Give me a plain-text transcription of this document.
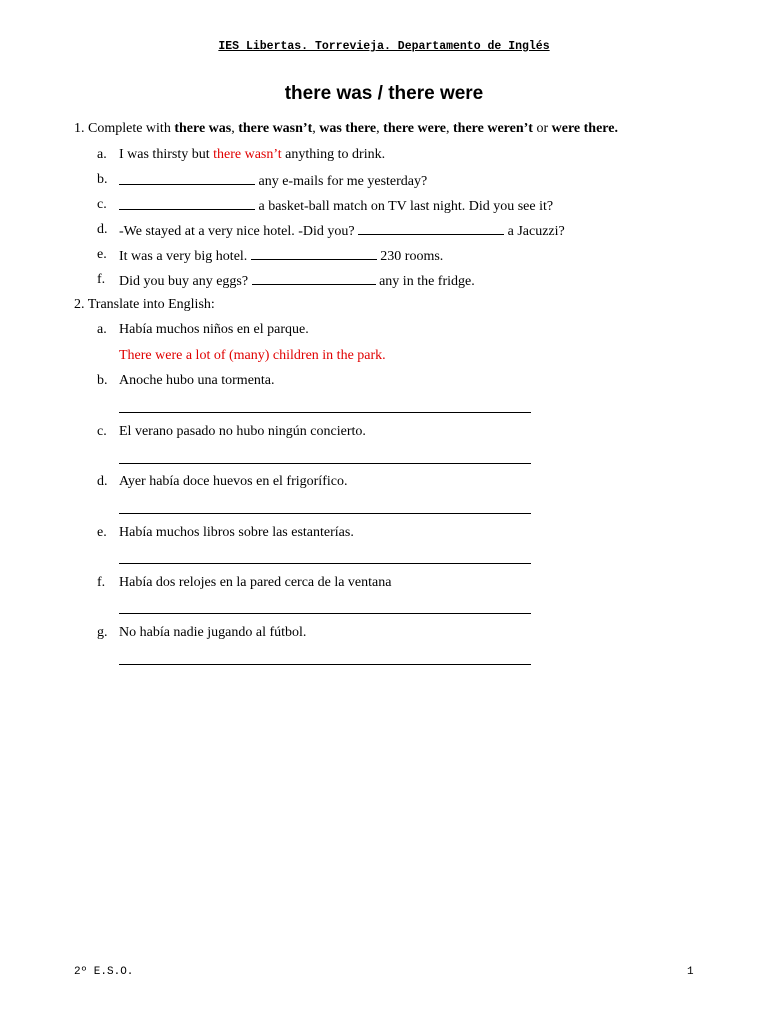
IES Libertas. Torrevieja. Departamento de Inglés
there was / there were
1. Complete with there was, there wasn’t, was there, there were, there weren’t or were there.
a. I was thirsty but there wasn’t anything to drink.
b.	any e-mails for me yesterday?
c.	a basket-ball match on TV last night. Did you see it?
d. -We stayed at a very nice hotel. -Did you?	a Jacuzzi?
e. It was a very big hotel.	230 rooms.
f. Did you buy any eggs?	any in the fridge.
2. Translate into English:
a. Había muchos niños en el parque.
There were a lot of (many) children in the park.
b. Anoche hubo una tormenta.
c. El verano pasado no hubo ningún concierto.
d. Ayer había doce huevos en el frigorífico.
e. Había muchos libros sobre las estanterías.
f. Había dos relojes en la pared cerca de la ventana
g. No había nadie jugando al fútbol.
2º E.S.O.	1
